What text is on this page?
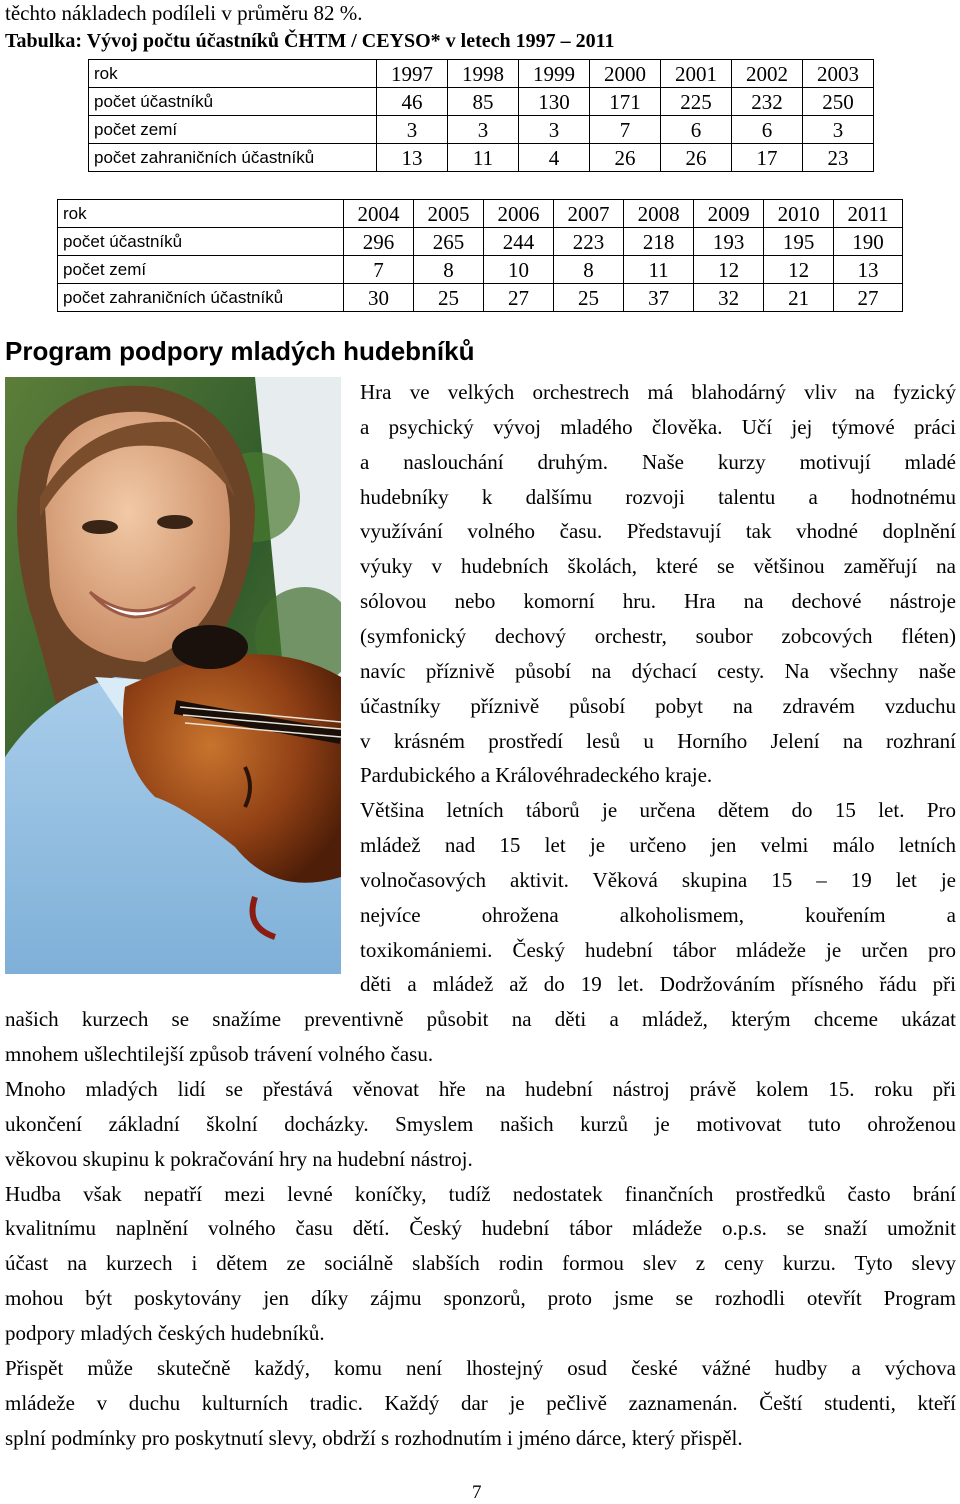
těchto nákladech podíleli v průměru 82 %.
Tabulka: Vývoj počtu účastníků ČHTM / CEYSO* v letech 1997 – 2011
rok	1997	1998	1999	2000	2001	2002	2003
počet účastníků	46	85	130	171	225	232	250
počet zemí	3	3	3	7	6	6	3
počet zahraničních účastníků	13	11	4	26	26	17	23
rok	2004	2005	2006	2007	2008	2009	2010	2011
počet účastníků	296	265	244	223	218	193	195	190
počet zemí	7	8	10	8	11	12	12	13
počet zahraničních účastníků	30	25	27	25	37	32	21	27
Program podpory mladých hudebníků
Hra ve velkých orchestrech má blahodárný vliv na fyzický
a psychický vývoj mladého člověka. Učí jej týmové práci
a naslouchání druhým. Naše kurzy motivují mladé
hudebníky k dalšímu rozvoji talentu a hodnotnému
využívání volného času. Představují tak vhodné doplnění
výuky v hudebních školách, které se většinou zaměřují na
sólovou nebo komorní hru. Hra na dechové nástroje
(symfonický dechový orchestr, soubor zobcových fléten)
navíc příznivě působí na dýchací cesty. Na všechny naše
účastníky příznivě působí pobyt na zdravém vzduchu
v krásném prostředí lesů u Horního Jelení na rozhraní
Pardubického a Královéhradeckého kraje.
Většina letních táborů je určena dětem do 15 let. Pro
mládež nad 15 let je určeno jen velmi málo letních
volnočasových aktivit. Věková skupina 15 – 19 let je
nejvíce ohrožena alkoholismem, kouřením a
toxikomániemi. Český hudební tábor mládeže je určen pro
děti a mládež až do 19 let. Dodržováním přísného řádu při
našich kurzech se snažíme preventivně působit na děti a mládež, kterým chceme ukázat
mnohem ušlechtilejší způsob trávení volného času.
Mnoho mladých lidí se přestává věnovat hře na hudební nástroj právě kolem 15. roku při
ukončení základní školní docházky. Smyslem našich kurzů je motivovat tuto ohroženou
věkovou skupinu k pokračování hry na hudební nástroj.
Hudba však nepatří mezi levné koníčky, tudíž nedostatek finančních prostředků často brání
kvalitnímu naplnění volného času dětí. Český hudební tábor mládeže o.p.s. se snaží umožnit
účast na kurzech i dětem ze sociálně slabších rodin formou slev z ceny kurzu. Tyto slevy
mohou být poskytovány jen díky zájmu sponzorů, proto jsme se rozhodli otevřít Program
podpory mladých českých hudebníků.
Přispět může skutečně každý, komu není lhostejný osud české vážné hudby a výchova
mládeže v duchu kulturních tradic. Každý dar je pečlivě zaznamenán. Čeští studenti, kteří
splní podmínky pro poskytnutí slevy, obdrží s rozhodnutím i jméno dárce, který přispěl.
7
